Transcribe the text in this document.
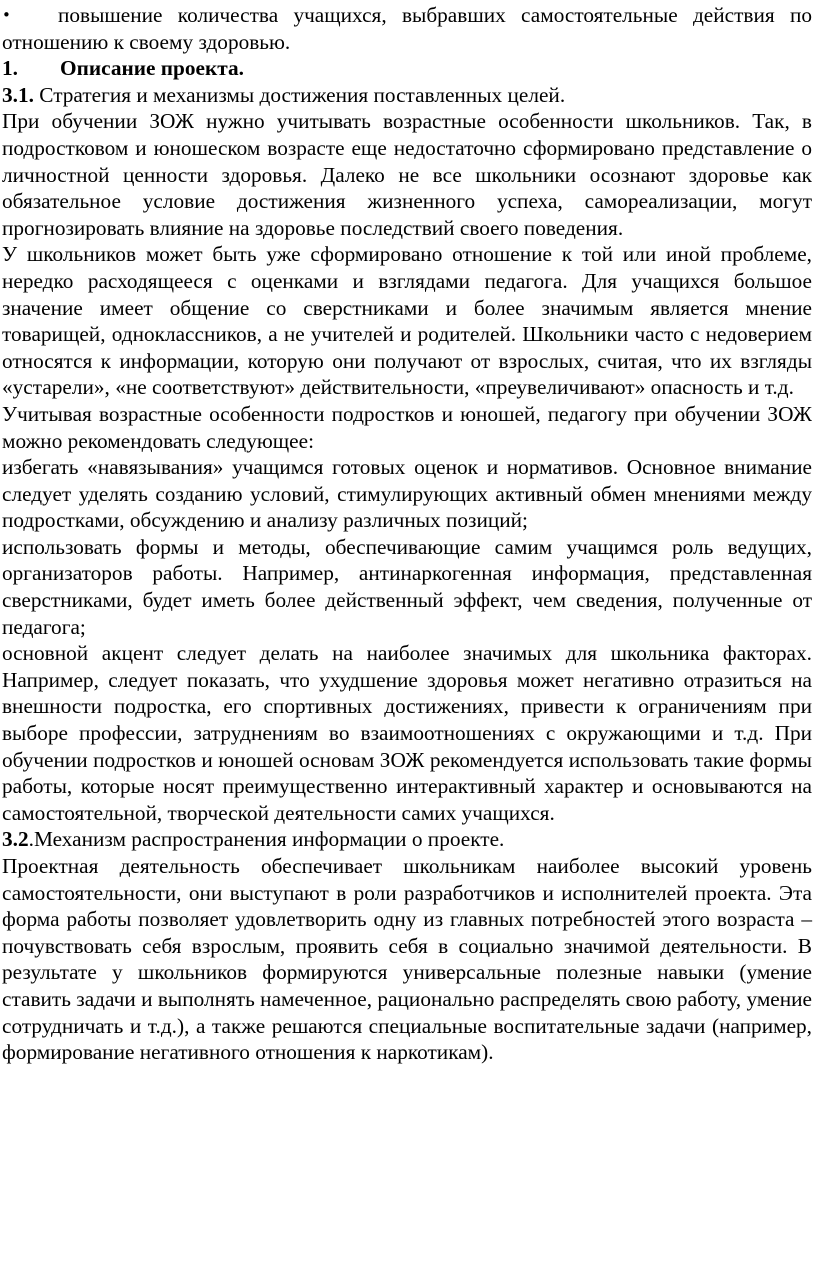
• повышение количества учащихся, выбравших самостоятельные действия по отношению к своему здоровью.

1. Описание проекта.

3.1. Стратегия и механизмы достижения поставленных целей.

При обучении ЗОЖ нужно учитывать возрастные особенности школьников. Так, в подростковом и юношеском возрасте еще недостаточно сформировано представление о личностной ценности здоровья. Далеко не все школьники осознают здоровье как обязательное условие достижения жизненного успеха, самореализации, могут прогнозировать влияние на здоровье последствий своего поведения.

У школьников может быть уже сформировано отношение к той или иной проблеме, нередко расходящееся с оценками и взглядами педагога. Для учащихся большое значение имеет общение со сверстниками и более значимым является мнение товарищей, одноклассников, а не учителей и родителей. Школьники часто с недоверием относятся к информации, которую они получают от взрослых, считая, что их взгляды «устарели», «не соответствуют» действительности, «преувеличивают» опасность и т.д.

Учитывая возрастные особенности подростков и юношей, педагогу при обучении ЗОЖ можно рекомендовать следующее:

избегать «навязывания» учащимся готовых оценок и нормативов. Основное внимание следует уделять созданию условий, стимулирующих активный обмен мнениями между подростками, обсуждению и анализу различных позиций;

использовать формы и методы, обеспечивающие самим учащимся роль ведущих, организаторов работы. Например, антинаркогенная информация, представленная сверстниками, будет иметь более действенный эффект, чем сведения, полученные от педагога;

основной акцент следует делать на наиболее значимых для школьника факторах. Например, следует показать, что ухудшение здоровья может негативно отразиться на внешности подростка, его спортивных достижениях, привести к ограничениям при выборе профессии, затруднениям во взаимоотношениях с окружающими и т.д. При обучении подростков и юношей основам ЗОЖ рекомендуется использовать такие формы работы, которые носят преимущественно интерактивный характер и основываются на самостоятельной, творческой деятельности самих учащихся.

3.2.Механизм распространения информации о проекте.

Проектная деятельность обеспечивает школьникам наиболее высокий уровень самостоятельности, они выступают в роли разработчиков и исполнителей проекта. Эта форма работы позволяет удовлетворить одну из главных потребностей этого возраста – почувствовать себя взрослым, проявить себя в социально значимой деятельности. В результате у школьников формируются универсальные полезные навыки (умение ставить задачи и выполнять намеченное, рационально распределять свою работу, умение сотрудничать и т.д.), а также решаются специальные воспитательные задачи (например, формирование негативного отношения к наркотикам).
